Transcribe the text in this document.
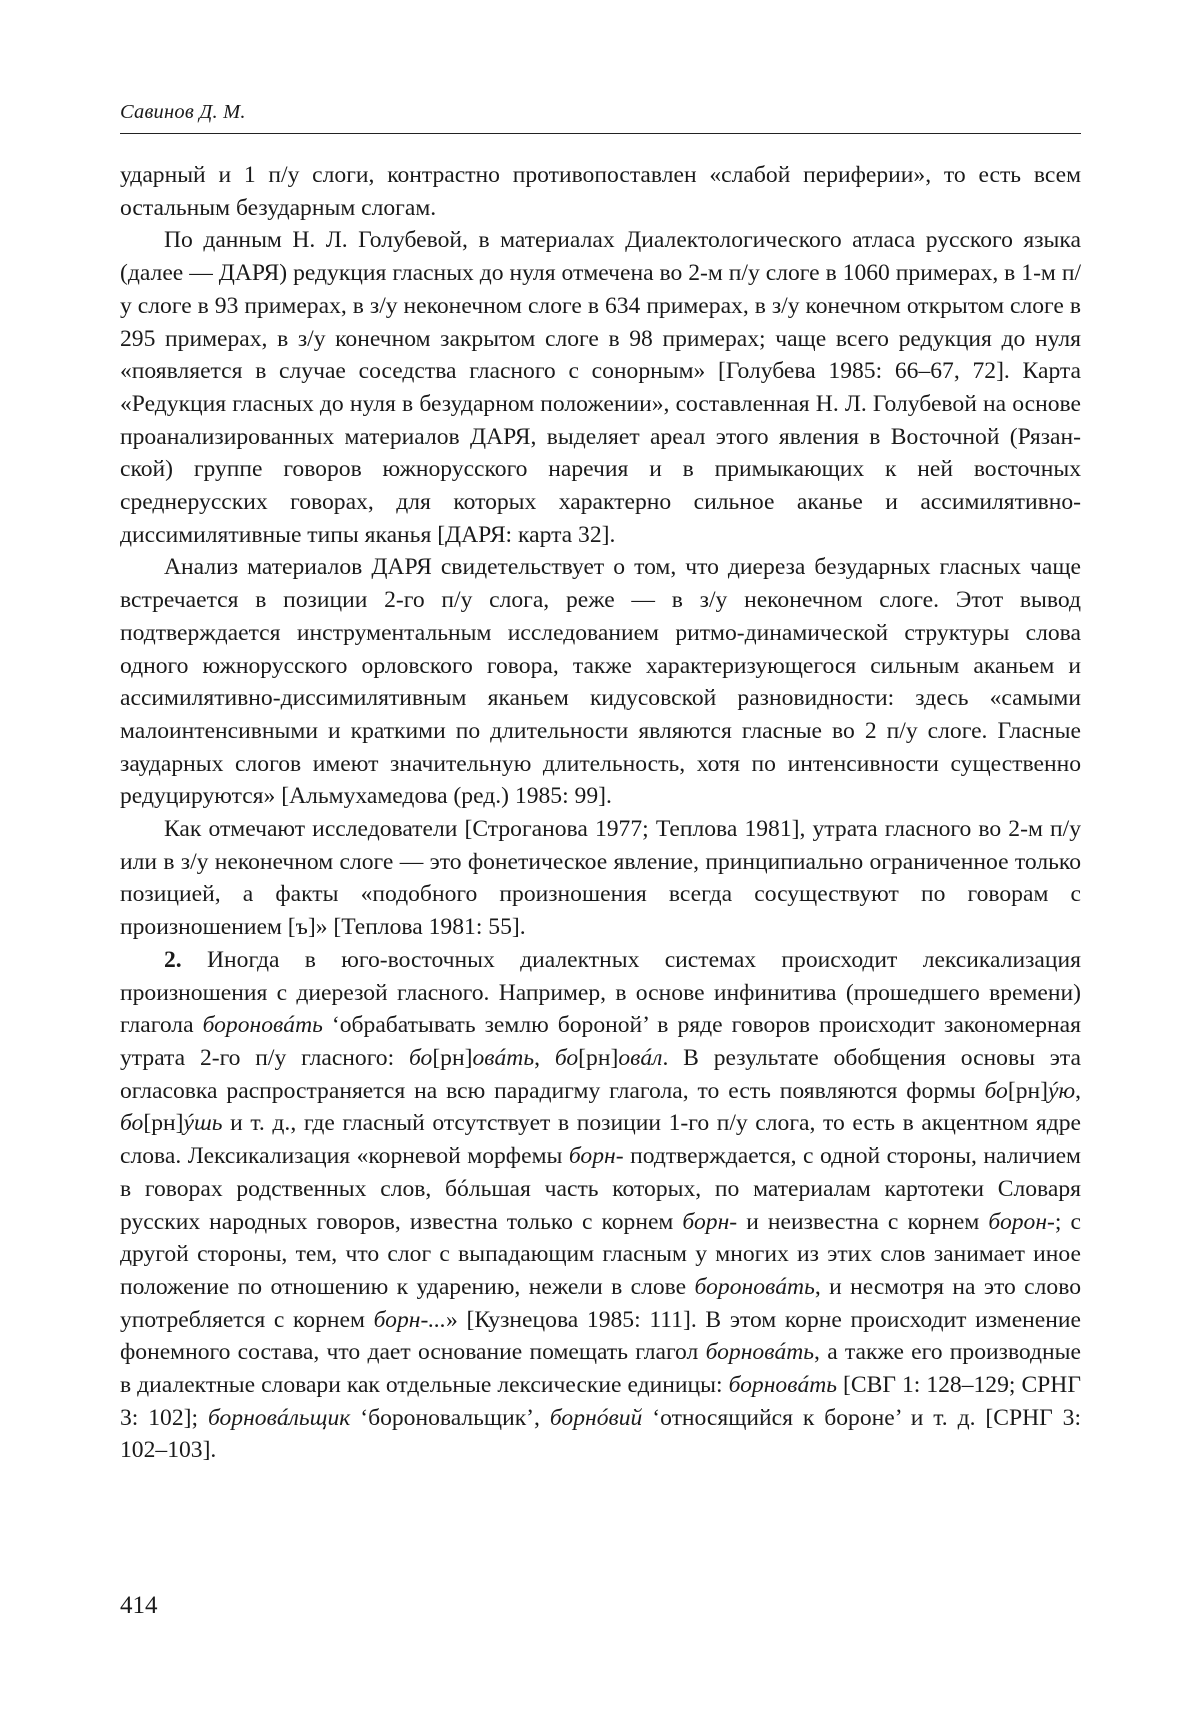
Савинов Д. М.

ударный и 1 п/у слоги, контрастно противопоставлен «слабой периферии», то есть всем остальным безударным слогам.

По данным Н. Л. Голубевой, в материалах Диалектологического атласа русского языка (далее — ДАРЯ) редукция гласных до нуля отмечена во 2-м п/у слоге в 1060 примерах, в 1-м п/у слоге в 93 примерах, в з/у неконечном слоге в 634 примерах, в з/у конечном открытом слоге в 295 примерах, в з/у конечном закрытом слоге в 98 примерах; чаще всего редукция до нуля «появляется в случае соседства гласного с сонорным» [Голубева 1985: 66–67, 72]. Карта «Редукция гласных до нуля в безударном положении», составленная Н. Л. Голубевой на основе проанализированных материалов ДАРЯ, выделяет ареал этого явления в Восточной (Рязанской) группе говоров южнорусского наречия и в примыкающих к ней восточных среднерусских говорах, для которых характерно сильное аканье и ассимилятивно-диссимилятивные типы яканья [ДАРЯ: карта 32].

Анализ материалов ДАРЯ свидетельствует о том, что диереза безударных гласных чаще встречается в позиции 2-го п/у слога, реже — в з/у неконечном слоге. Этот вывод подтверждается инструментальным исследованием ритмо-динамической структуры слова одного южнорусского орловского говора, также характеризующегося сильным аканьем и ассимилятивно-диссимилятивным яканьем кидусовской разновидности: здесь «самыми малоинтенсивными и краткими по длительности являются гласные во 2 п/у слоге. Гласные заударных слогов имеют значительную длительность, хотя по интенсивности существенно редуцируются» [Альмухамедова (ред.) 1985: 99].

Как отмечают исследователи [Строганова 1977; Теплова 1981], утрата гласного во 2-м п/у или в з/у неконечном слоге — это фонетическое явление, принципиально ограниченное только позицией, а факты «подобного произношения всегда сосуществуют по говорам с произношением [ъ]» [Теплова 1981: 55].

2. Иногда в юго-восточных диалектных системах происходит лексикализация произношения с диерезой гласного. Например, в основе инфинитива (прошедшего времени) глагола бороновáть ‘обрабатывать землю бороной’ в ряде говоров происходит закономерная утрата 2-го п/у гласного: бо[рн]овáть, бо[рн]овáл. В результате обобщения основы эта огласовка распространяется на всю парадигму глагола, то есть появляются формы бо[рн]ýю, бо[рн]ýшь и т. д., где гласный отсутствует в позиции 1-го п/у слога, то есть в акцентном ядре слова. Лексикализация «корневой морфемы борн- подтверждается, с одной стороны, наличием в говорах родственных слов, бóльшая часть которых, по материалам картотеки Словаря русских народных говоров, известна только с корнем борн- и неизвестна с корнем борон-; с другой стороны, тем, что слог с выпадающим гласным у многих из этих слов занимает иное положение по отношению к ударению, нежели в слове бороновáть, и несмотря на это слово употребляется с корнем борн-...» [Кузнецова 1985: 111]. В этом корне происходит изменение фонемного состава, что дает основание помещать глагол борновáть, а также его производные в диалектные словари как отдельные лексические единицы: борновáть [СВГ 1: 128–129; СРНГ 3: 102]; борновáльщик ‘бороновальщик’, борнóвий ‘относящийся к бороне’ и т. д. [СРНГ 3: 102–103].

414
